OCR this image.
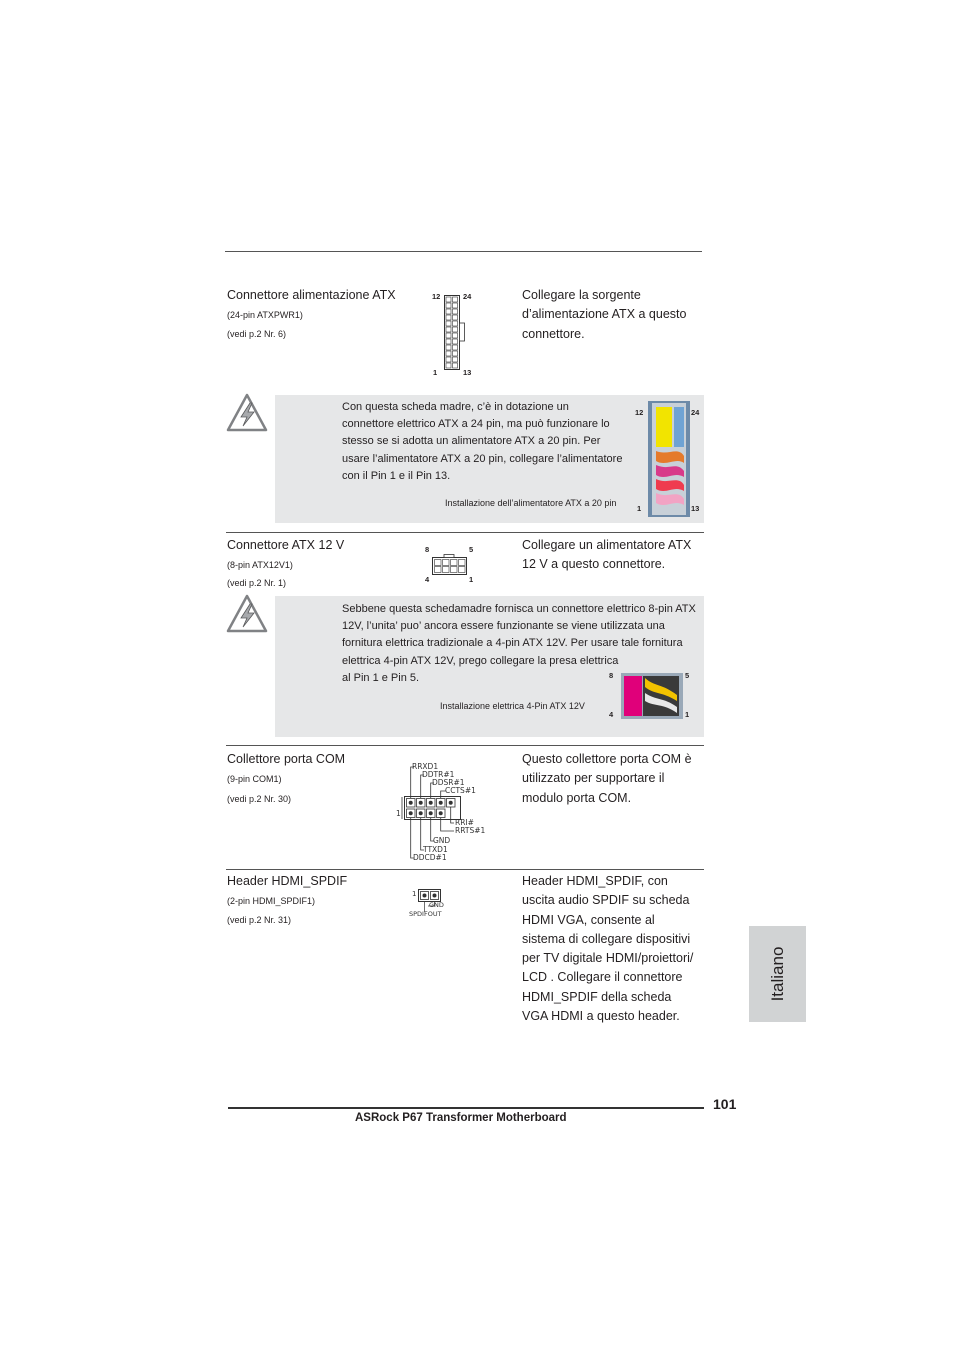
Connettore alimentazione ATX
(24-pin ATXPWR1)
(vedi p.2 Nr. 6)
12	24
1	13
Collegare la sorgente
d’alimentazione ATX a questo
connettore.
Con questa scheda madre, c’è in dotazione un
connettore elettrico ATX a 24 pin, ma può funzionare lo
stesso se si adotta un alimentatore ATX a 20 pin. Per
usare l’alimentatore ATX a 20 pin, collegare l’alimentatore
con il Pin 1 e il Pin 13.
Installazione dell’alimentatore ATX a 20 pin
12	24
1	13
Connettore ATX 12 V
(8-pin ATX12V1)
(vedi p.2 Nr. 1)
8	5
4	1
Collegare un alimentatore ATX
12 V a questo connettore.
Sebbene questa schedamadre fornisca un connettore elettrico 8-pin ATX
12V, l’unita’ puo’ ancora essere funzionante se viene utilizzata una
fornitura elettrica tradizionale a 4-pin ATX 12V. Per usare tale fornitura
elettrica 4-pin ATX 12V, prego collegare la presa elettrica
al Pin 1 e Pin 5.
Installazione elettrica 4-Pin ATX 12V
8	5
4	1
Collettore porta COM
(9-pin COM1)
(vedi p.2 Nr. 30)
RRXD1
DDTR#1
DDSR#1
CCTS#1
RRI#
RRTS#1
GND
TTXD1
DDCD#1
1
Questo collettore porta COM è
utilizzato per supportare il
modulo porta COM.
Header HDMI_SPDIF
(2-pin HDMI_SPDIF1)
(vedi p.2 Nr. 31)
1
GND
SPDIFOUT
Header HDMI_SPDIF, con
uscita audio SPDIF su scheda
HDMI VGA, consente al
sistema di collegare dispositivi
per TV digitale HDMI/proiettori/
LCD . Collegare il connettore
HDMI_SPDIF della scheda
VGA HDMI a questo header.
Italiano
101
ASRock P67 Transformer Motherboard
